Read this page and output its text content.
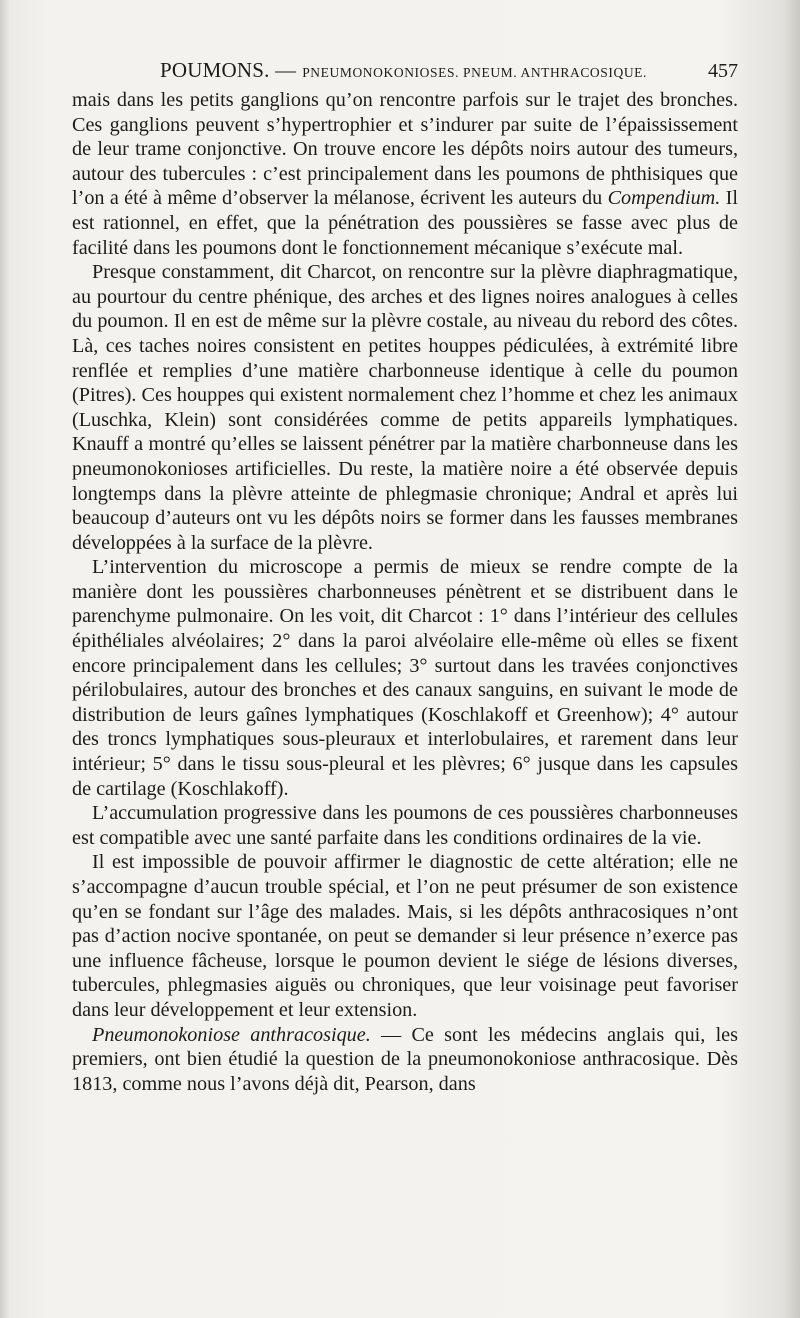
POUMONS. — PNEUMONOKONIOSES. PNEUM. ANTHRACOSIQUE.	457

mais dans les petits ganglions qu’on rencontre parfois sur le trajet des bronches. Ces ganglions peuvent s’hypertrophier et s’indurer par suite de l’épaississement de leur trame conjonctive. On trouve encore les dépôts noirs autour des tumeurs, autour des tubercules : c’est principalement dans les poumons de phthisiques que l’on a été à même d’observer la mélanose, écrivent les auteurs du Compendium. Il est rationnel, en effet, que la pénétration des poussières se fasse avec plus de facilité dans les poumons dont le fonctionnement mécanique s’exécute mal.

Presque constamment, dit Charcot, on rencontre sur la plèvre diaphragmatique, au pourtour du centre phénique, des arches et des lignes noires analogues à celles du poumon. Il en est de même sur la plèvre costale, au niveau du rebord des côtes. Là, ces taches noires consistent en petites houppes pédiculées, à extrémité libre renflée et remplies d’une matière charbonneuse identique à celle du poumon (Pitres). Ces houppes qui existent normalement chez l’homme et chez les animaux (Luschka, Klein) sont considérées comme de petits appareils lymphatiques. Knauff a montré qu’elles se laissent pénétrer par la matière charbonneuse dans les pneumonokonioses artificielles. Du reste, la matière noire a été observée depuis longtemps dans la plèvre atteinte de phlegmasie chronique; Andral et après lui beaucoup d’auteurs ont vu les dépôts noirs se former dans les fausses membranes développées à la surface de la plèvre.

L’intervention du microscope a permis de mieux se rendre compte de la manière dont les poussières charbonneuses pénètrent et se distribuent dans le parenchyme pulmonaire. On les voit, dit Charcot : 1° dans l’intérieur des cellules épithéliales alvéolaires; 2° dans la paroi alvéolaire elle-même où elles se fixent encore principalement dans les cellules; 3° surtout dans les travées conjonctives périlobulaires, autour des bronches et des canaux sanguins, en suivant le mode de distribution de leurs gaînes lymphatiques (Koschlakoff et Greenhow); 4° autour des troncs lymphatiques sous-pleuraux et interlobulaires, et rarement dans leur intérieur; 5° dans le tissu sous-pleural et les plèvres; 6° jusque dans les capsules de cartilage (Koschlakoff).

L’accumulation progressive dans les poumons de ces poussières charbonneuses est compatible avec une santé parfaite dans les conditions ordinaires de la vie.

Il est impossible de pouvoir affirmer le diagnostic de cette altération; elle ne s’accompagne d’aucun trouble spécial, et l’on ne peut présumer de son existence qu’en se fondant sur l’âge des malades. Mais, si les dépôts anthracosiques n’ont pas d’action nocive spontanée, on peut se demander si leur présence n’exerce pas une influence fâcheuse, lorsque le poumon devient le siége de lésions diverses, tubercules, phlegmasies aiguës ou chroniques, que leur voisinage peut favoriser dans leur développement et leur extension.

Pneumonokoniose anthracosique. — Ce sont les médecins anglais qui, les premiers, ont bien étudié la question de la pneumonokoniose anthracosique. Dès 1813, comme nous l’avons déjà dit, Pearson, dans
